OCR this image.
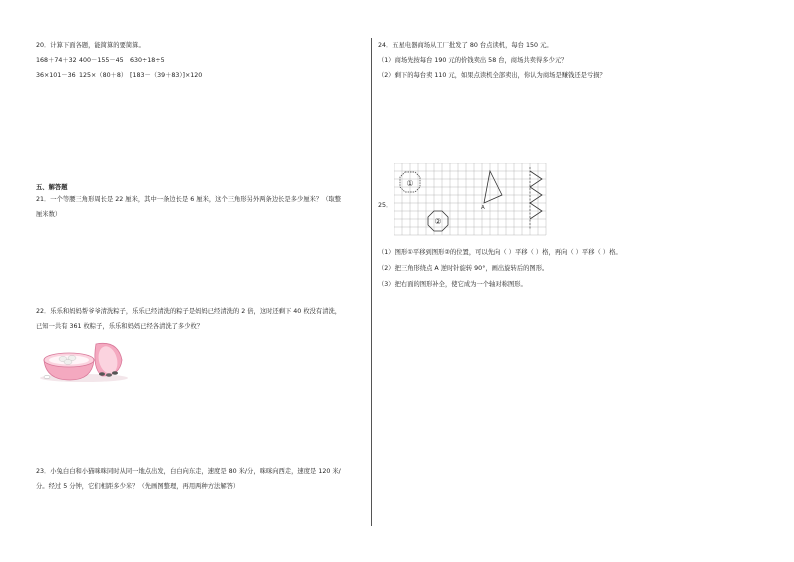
20．计算下面各题，能简算的要简算。
168＋74＋32 400－155－45 630÷18÷5
36×101－36 125×（80＋8） [183－（39＋83）]×120
五、解答题
21．一个等腰三角形周长是 22 厘米，其中一条边长是 6 厘米，这个三角形另外两条边长是多少厘米？（取整
厘米数）
22．乐乐和妈妈帮爷爷清洗粽子，乐乐已经清洗的粽子是妈妈已经清洗的 2 倍，这时还剩下 40 枚没有清洗，
已知一共有 361 枚粽子，乐乐和妈妈已经各清洗了多少枚？
23．小兔白白和小猫咪咪同时从同一地点出发，白白向东走，速度是 80 米/分，咪咪向西走，速度是 120 米/
分。经过 5 分钟，它们相距多少米？（先画图整理，再用两种方法解答）
24．五星电器商场从工厂批发了 80 台点读机，每台 150 元。
（1）商场先按每台 190 元的价钱卖出 58 台，商场共卖得多少元？
（2）剩下的每台卖 110 元，如果点读机全部卖出，你认为商场是赚钱还是亏损？
25．
①
②
A
（1）图形①平移到图形②的位置，可以先向（ ）平移（ ）格，再向（ ）平移（ ）格。
（2）把三角形绕点 A 逆时针旋转 90°，画出旋转后的图形。
（3）把右面的图形补全，使它成为一个轴对称图形。
